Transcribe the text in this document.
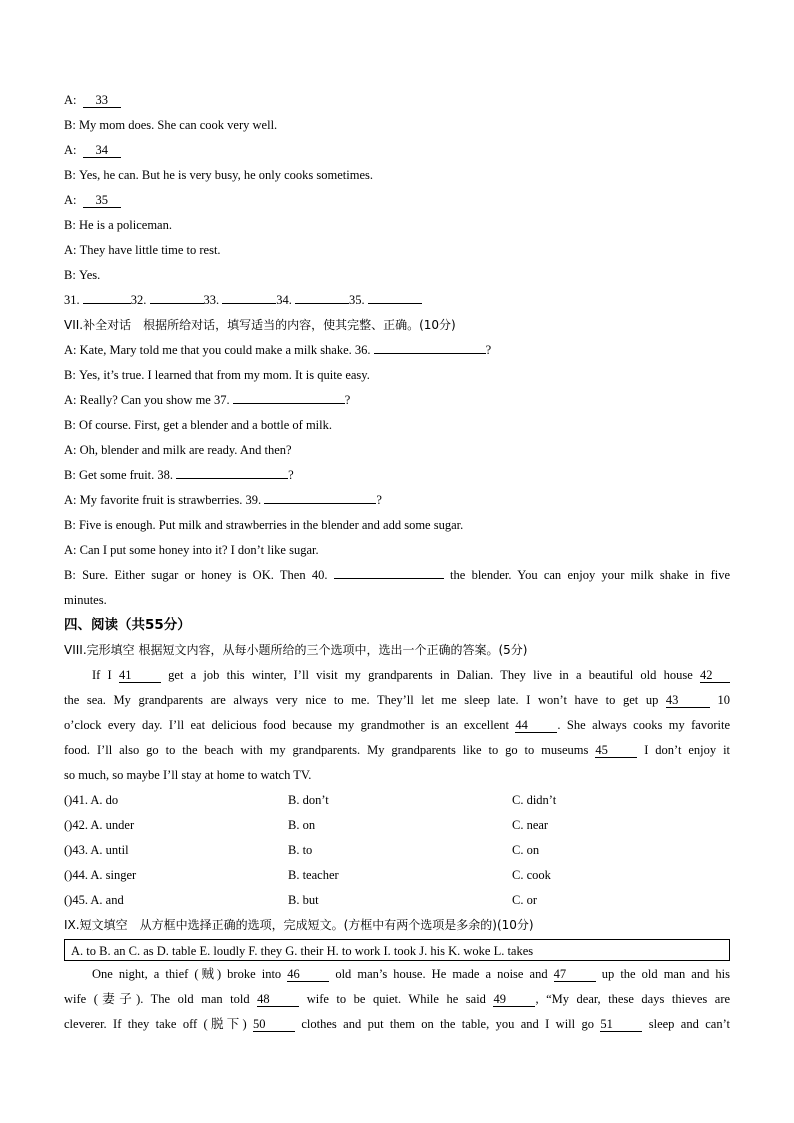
A: 33
B: My mom does. She can cook very well.
A: 34
B: Yes, he can. But he is very busy, he only cooks sometimes.
A: 35
B: He is a policeman.
A: They have little time to rest.
B: Yes.
31.	32.	33.	34.	35.
VII.补全对话　根据所给对话，填写适当的内容，使其完整、正确。(10分)
A: Kate, Mary told me that you could make a milk shake. 36.	?
B: Yes, it’s true. I learned that from my mom. It is quite easy.
A: Really? Can you show me 37.	?
B: Of course. First, get a blender and a bottle of milk.
A: Oh, blender and milk are ready. And then?
B: Get some fruit. 38.	?
A: My favorite fruit is strawberries. 39.	?
B: Five is enough. Put milk and strawberries in the blender and add some sugar.
A: Can I put some honey into it? I don’t like sugar.
B: Sure. Either sugar or honey is OK. Then 40.	the blender. You can enjoy your milk shake in five
minutes.
四、阅读（共55分）
VIII.完形填空 根据短文内容，从每小题所给的三个选项中，选出一个正确的答案。(5分)
If I 41	get a job this winter, I’ll visit my grandparents in Dalian. They live in a beautiful old house 42
the sea. My grandparents are always very nice to me. They’ll let me sleep late. I won’t have to get up 43	10
o’clock every day. I’ll eat delicious food because my grandmother is an excellent 44 . She always cooks my favorite
food. I’ll also go to the beach with my grandparents. My grandparents like to go to museums 45	I don’t enjoy it
so much, so maybe I’ll stay at home to watch TV.
(
)41. A. do	B. don’t	C. didn’t
(
)42. A. under	B. on	C. near
(
)43. A. until	B. to	C. on
(
)44. A. singer	B. teacher	C. cook
(
)45. A. and	B. but	C. or
IX.短文填空　从方框中选择正确的选项，完成短文。(方框中有两个选项是多余的)(10分)
A. to B. an C. as D. table E. loudly F. they G. their H. to work I. took J. his K. woke L. takes
One night, a thief (贼) broke into 46	old man’s house. He made a noise and 47	up the old man and his
wife (妻子). The old man told 48	wife to be quiet. While he said 49 , “My dear, these days thieves are
cleverer. If they take off (脱下) 50	clothes and put them on the table, you and I will go 51	sleep and can’t
